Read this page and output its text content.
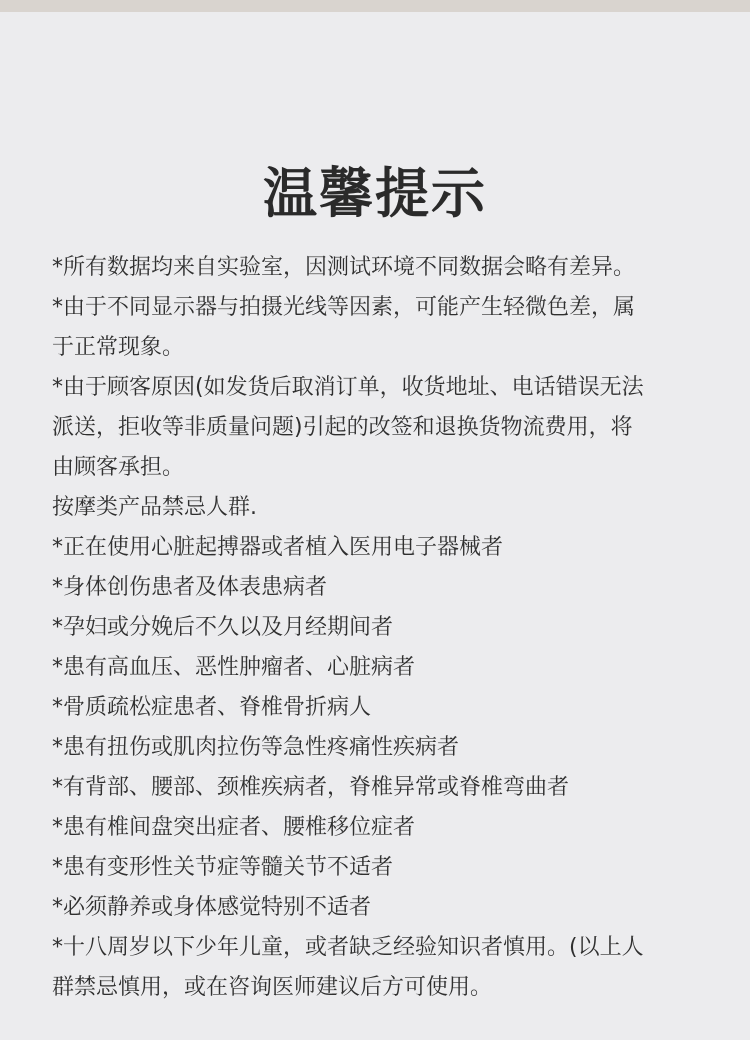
温馨提示
*所有数据均来自实验室，因测试环境不同数据会略有差异。
*由于不同显示器与拍摄光线等因素，可能产生轻微色差，属
于正常现象。
*由于顾客原因(如发货后取消订单，收货地址、电话错误无法
派送，拒收等非质量问题)引起的改签和退换货物流费用，将
由顾客承担。
按摩类产品禁忌人群.
*正在使用心脏起搏器或者植入医用电子器械者
*身体创伤患者及体表患病者
*孕妇或分娩后不久以及月经期间者
*患有高血压、恶性肿瘤者、心脏病者
*骨质疏松症患者、脊椎骨折病人
*患有扭伤或肌肉拉伤等急性疼痛性疾病者
*有背部、腰部、颈椎疾病者，脊椎异常或脊椎弯曲者
*患有椎间盘突出症者、腰椎移位症者
*患有变形性关节症等髓关节不适者
*必须静养或身体感觉特别不适者
*十八周岁以下少年儿童，或者缺乏经验知识者慎用。(以上人
群禁忌慎用，或在咨询医师建议后方可使用。
